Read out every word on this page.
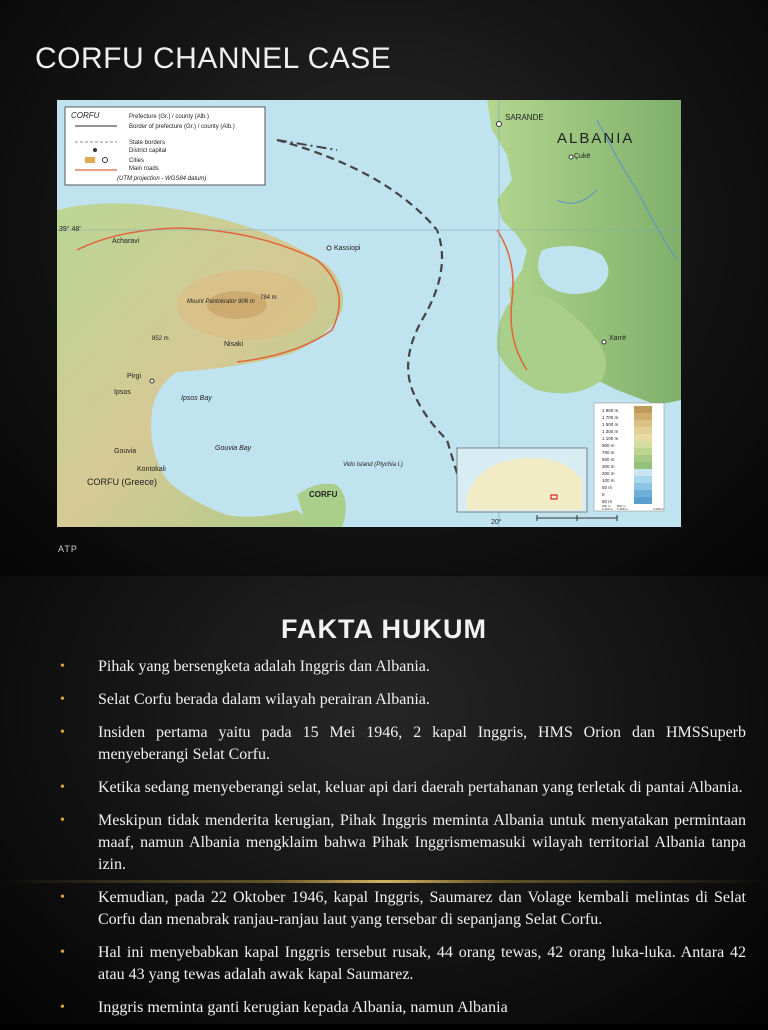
CORFU CHANNEL CASE
CORFU	Prefecture (Gr.) / county (Alb.)
Border of prefecture (Gr.) / county (Alb.)
State borders
District capital
Cities
Main roads
(UTM projection - WGS84 datum)
SARANDE
ALBANIA
Çukë
39° 48'
Acharavi
Kassiopi
Mount Pantokrator 906 m
784 m
852 m
Nisaki
Xarrë
Pirgi
Ipsos
Ipsos Bay
Gouvia	Gouvia Bay
Kontokali
CORFU (Greece)
Vido Island (Ptychia I.)
CORFU
20°
1 900 m
1 700 m
1 500 m
1 300 m
1 100 m
900 m
700 m
500 m
300 m
200 m
100 m
50 m
0
50 m
200 m 500 m
1 000 m 1 500 m	2 000 m
ATP
FAKTA HUKUM
• Pihak yang bersengketa adalah Inggris dan Albania.
• Selat Corfu berada dalam wilayah perairan Albania.
• Insiden pertama yaitu pada 15 Mei 1946, 2 kapal Inggris, HMS Orion dan HMSSuperb menyeberangi Selat Corfu.
• Ketika sedang menyeberangi selat, keluar api dari daerah pertahanan yang terletak di pantai Albania.
• Meskipun tidak menderita kerugian, Pihak Inggris meminta Albania untuk menyatakan permintaan maaf, namun Albania mengklaim bahwa Pihak Inggrismemasuki wilayah territorial Albania tanpa izin.
• Kemudian, pada 22 Oktober 1946, kapal Inggris, Saumarez dan Volage kembali melintas di Selat Corfu dan menabrak ranjau-ranjau laut yang tersebar di sepanjang Selat Corfu.
• Hal ini menyebabkan kapal Inggris tersebut rusak, 44 orang tewas, 42 orang luka-luka. Antara 42 atau 43 yang tewas adalah awak kapal Saumarez.
• Inggris meminta ganti kerugian kepada Albania, namun Albania
